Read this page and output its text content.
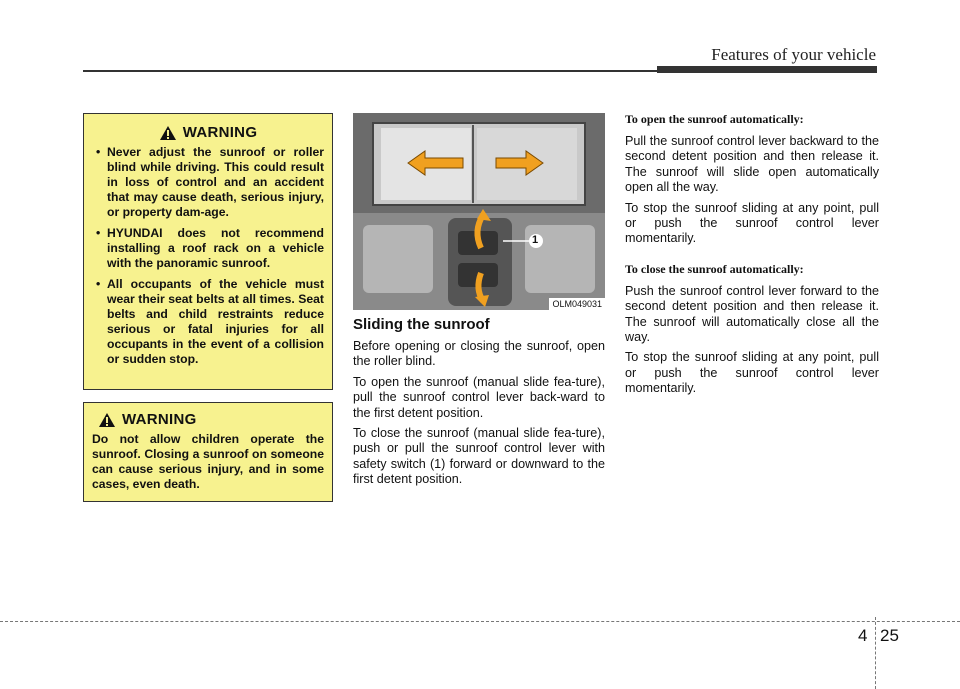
Features of your vehicle
WARNING
• Never adjust the sunroof or roller blind while driving. This could result in loss of control and an accident that may cause death, serious injury, or property dam-age.
• HYUNDAI does not recommend installing a roof rack on a vehicle with the panoramic sunroof.
• All occupants of the vehicle must wear their seat belts at all times. Seat belts and child restraints reduce serious or fatal injuries for all occupants in the event of a collision or sudden stop.
WARNING

Do not allow children operate the sunroof. Closing a sunroof on someone can cause serious injury, and in some cases, even death.

1
OLM049031
Sliding the sunroof

Before opening or closing the sunroof, open the roller blind.

To open the sunroof (manual slide fea-ture), pull the sunroof control lever back-ward to the first detent position.

To close the sunroof (manual slide fea-ture), push or pull the sunroof control lever with safety switch (1) forward or downward to the first detent position.

To open the sunroof automatically:

Pull the sunroof control lever backward to the second detent position and then release it. The sunroof will slide open automatically open all the way.

To stop the sunroof sliding at any point, pull or push the sunroof control lever momentarily.

To close the sunroof automatically:

Push the sunroof control lever forward to the second detent position and then release it. The sunroof will automatically close all the way.

To stop the sunroof sliding at any point, pull or push the sunroof control lever momentarily.

4 25
